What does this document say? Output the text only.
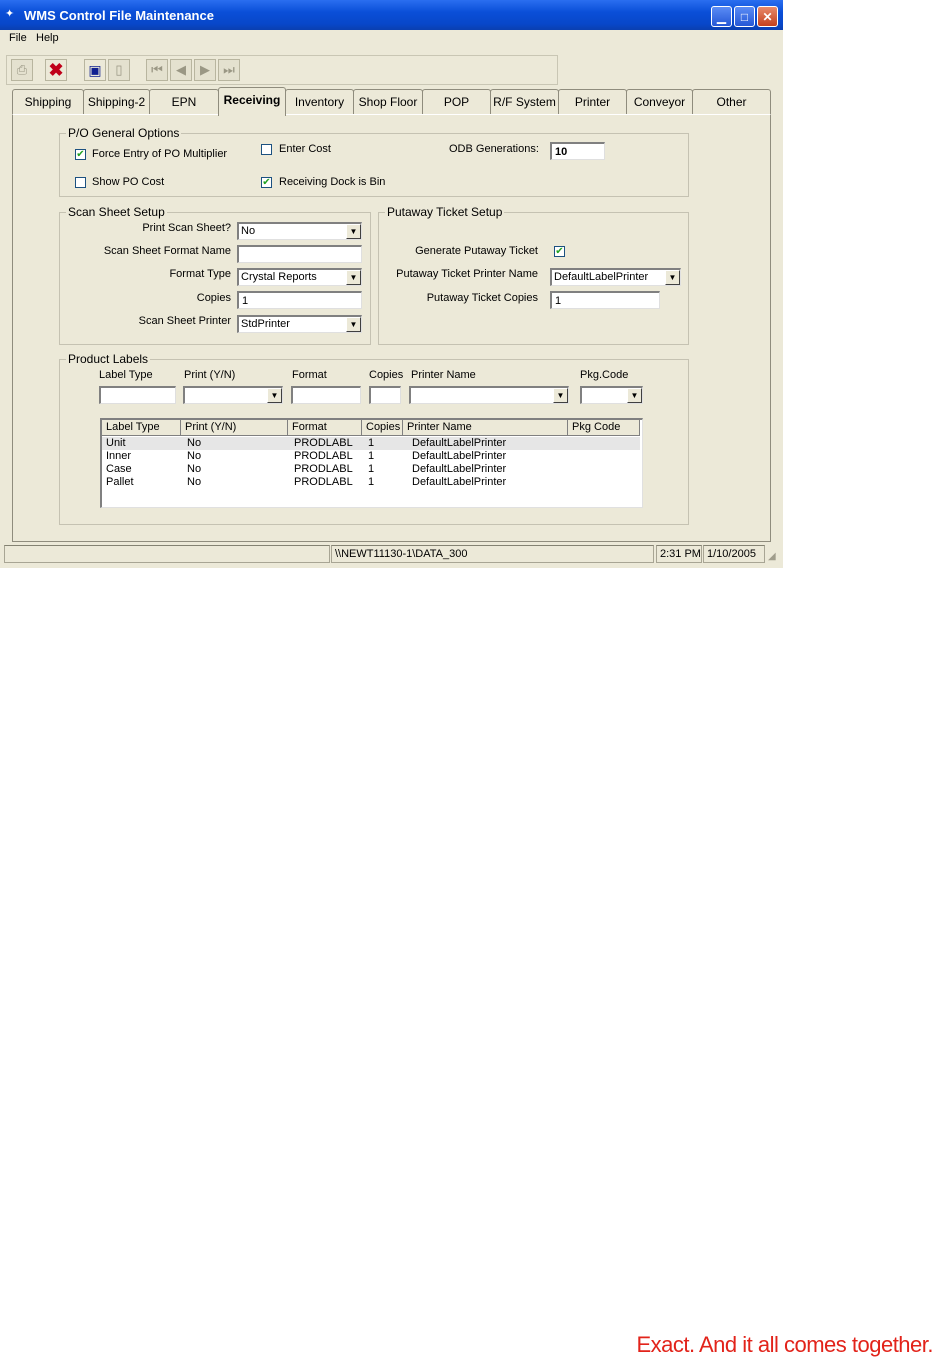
✦ WMS Control File Maintenance	▁	□	✕
File Help
⎙	✖	▣	▯	⏮	◀	▶	⏭
Shipping	Shipping-2	EPN	Receiving	Inventory	Shop Floor	POP	R/F System	Printer	Conveyor	Other
P/O General Options
✔ Force Entry of PO Multiplier	Enter Cost	ODB Generations:	10
Show PO Cost	✔ Receiving Dock is Bin
Scan Sheet Setup
Print Scan Sheet? No	▼
Scan Sheet Format Name
Format Type Crystal Reports	▼
Copies	1
Scan Sheet Printer StdPrinter	▼
Putaway Ticket Setup
Generate Putaway Ticket ✔
Putaway Ticket Printer Name DefaultLabelPrinter	▼
Putaway Ticket Copies	1
Product Labels
Label Type	Print (Y/N)	Format	Copies Printer Name	Pkg.Code
▼	▼	▼
Label Type	Print (Y/N)	Format	Copies Printer Name	Pkg Code
Unit	No	PRODLABL 1	DefaultLabelPrinter
Inner	No	PRODLABL 1	DefaultLabelPrinter
Case	No	PRODLABL 1	DefaultLabelPrinter
Pallet	No	PRODLABL 1	DefaultLabelPrinter
\\NEWT11130-1\DATA_300	2:31 PM 1/10/2005	◢
Exact. And it all comes together.
